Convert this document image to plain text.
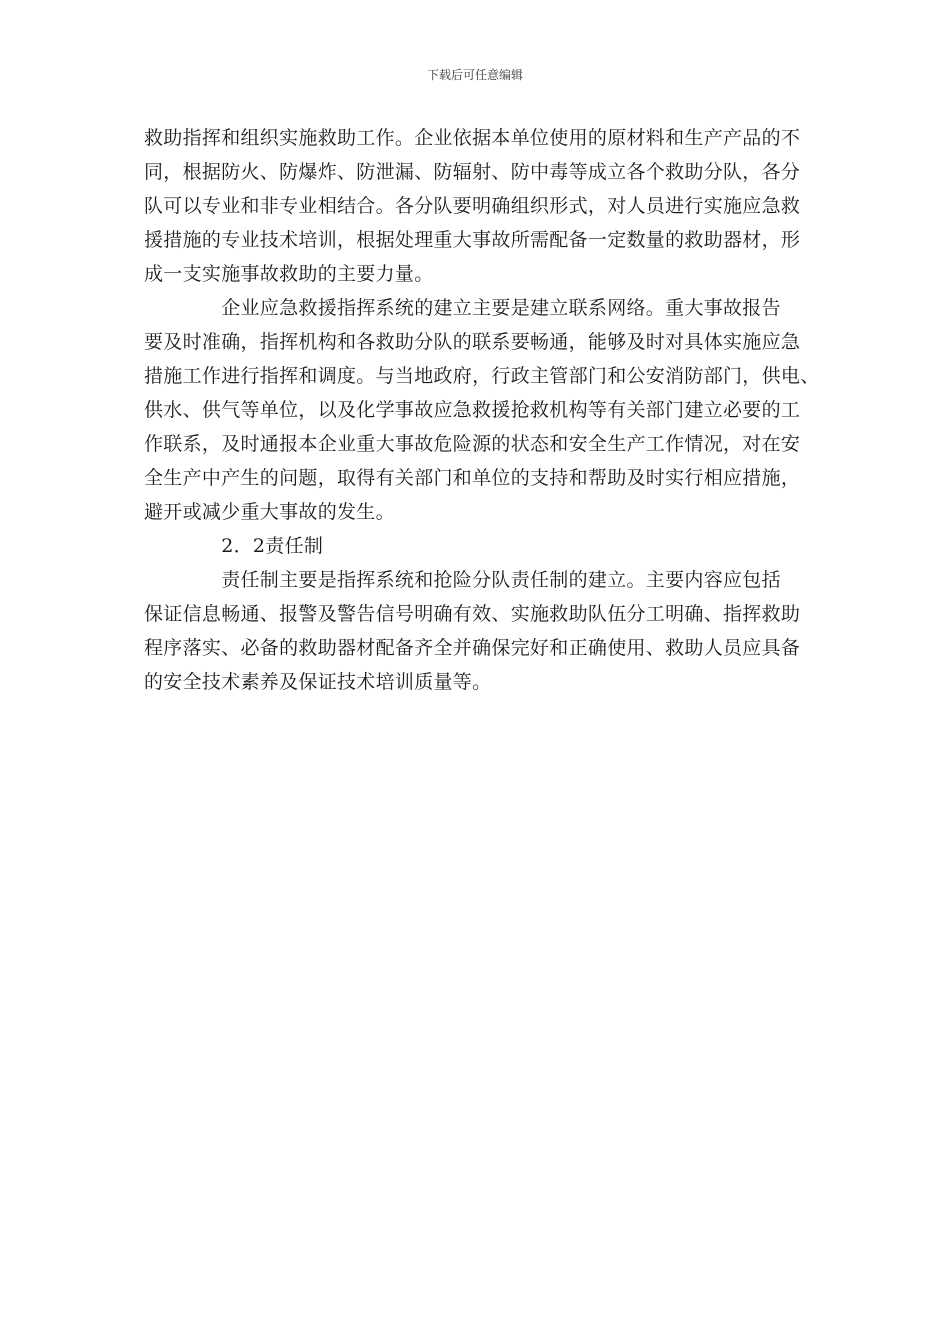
下载后可任意编辑
救助指挥和组织实施救助工作。企业依据本单位使用的原材料和生产产品的不
同，根据防火、防爆炸、防泄漏、防辐射、防中毒等成立各个救助分队，各分
队可以专业和非专业相结合。各分队要明确组织形式，对人员进行实施应急救
援措施的专业技术培训，根据处理重大事故所需配备一定数量的救助器材，形
成一支实施事故救助的主要力量。
　　　　企业应急救援指挥系统的建立主要是建立联系网络。重大事故报告
要及时准确，指挥机构和各救助分队的联系要畅通，能够及时对具体实施应急
措施工作进行指挥和调度。与当地政府，行政主管部门和公安消防部门，供电、
供水、供气等单位，以及化学事故应急救援抢救机构等有关部门建立必要的工
作联系，及时通报本企业重大事故危险源的状态和安全生产工作情况，对在安
全生产中产生的问题，取得有关部门和单位的支持和帮助及时实行相应措施，
避开或减少重大事故的发生。
　　　　2．2责任制
　　　　责任制主要是指挥系统和抢险分队责任制的建立。主要内容应包括
保证信息畅通、报警及警告信号明确有效、实施救助队伍分工明确、指挥救助
程序落实、必备的救助器材配备齐全并确保完好和正确使用、救助人员应具备
的安全技术素养及保证技术培训质量等。
